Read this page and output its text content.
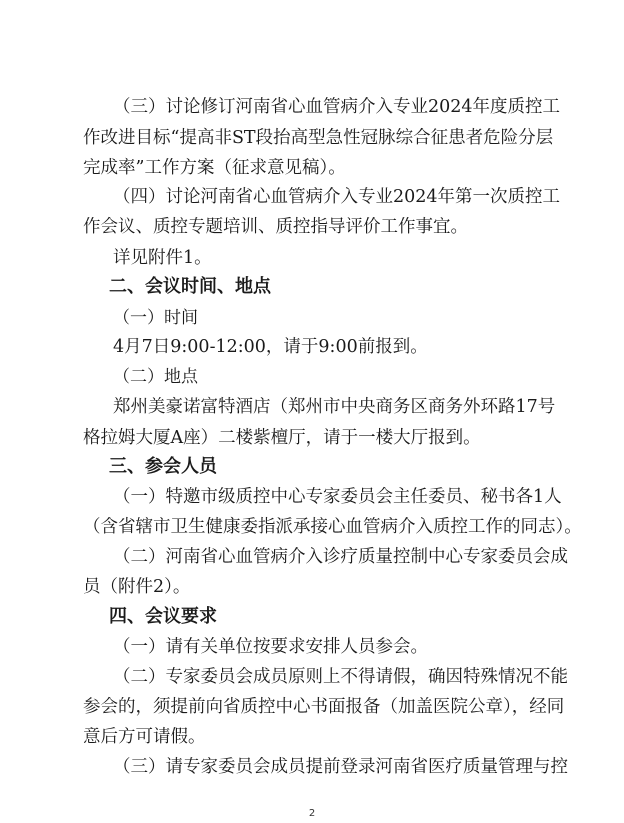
（三）讨论修订河南省心血管病介入专业2024年度质控工
作改进目标“提高非ST段抬高型急性冠脉综合征患者危险分层
完成率”工作方案（征求意见稿）。
（四）讨论河南省心血管病介入专业2024年第一次质控工
作会议、质控专题培训、质控指导评价工作事宜。
详见附件1。
二、会议时间、地点
（一）时间
4月7日9:00-12:00，请于9:00前报到。
（二）地点
郑州美豪诺富特酒店（郑州市中央商务区商务外环路17号
格拉姆大厦A座）二楼紫檀厅，请于一楼大厅报到。
三、参会人员
（一）特邀市级质控中心专家委员会主任委员、秘书各1人
（含省辖市卫生健康委指派承接心血管病介入质控工作的同志）。
（二）河南省心血管病介入诊疗质量控制中心专家委员会成
员（附件2）。
四、会议要求
（一）请有关单位按要求安排人员参会。
（二）专家委员会成员原则上不得请假，确因特殊情况不能
参会的，须提前向省质控中心书面报备（加盖医院公章），经同
意后方可请假。
（三）请专家委员会成员提前登录河南省医疗质量管理与控
2
